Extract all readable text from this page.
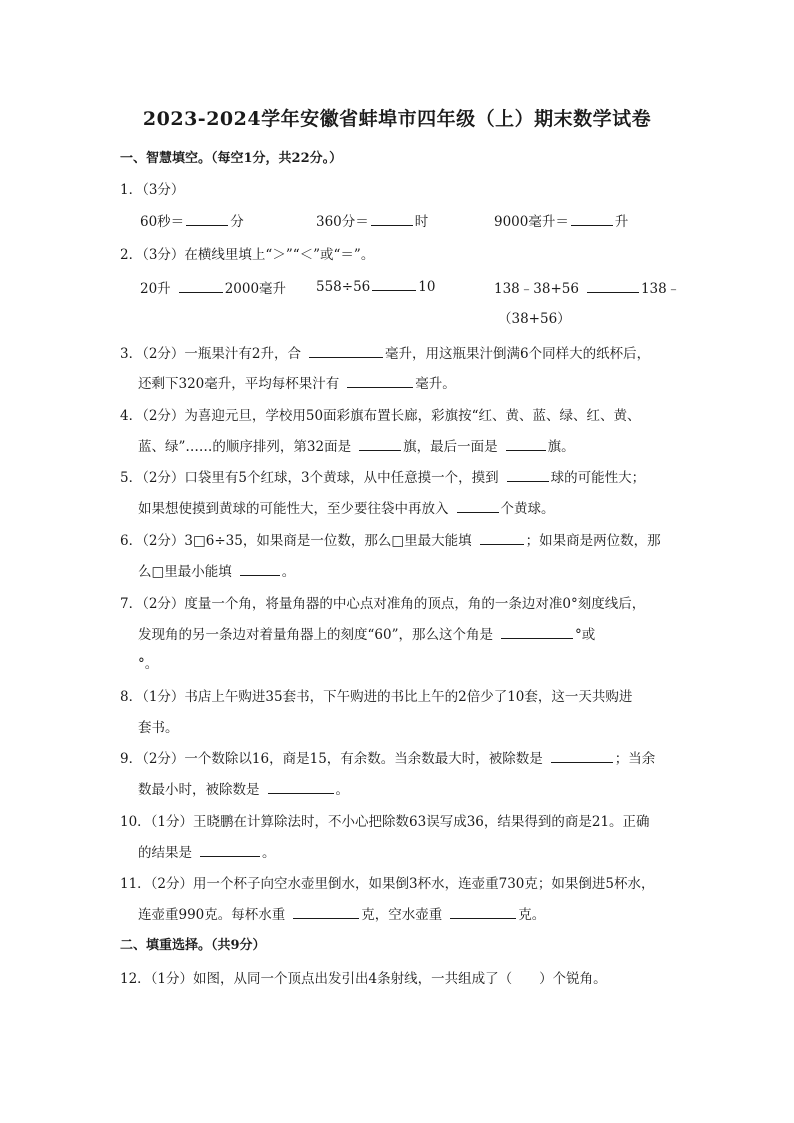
2023-2024学年安徽省蚌埠市四年级（上）期末数学试卷
一、智慧填空。（每空1分，共22分。）
1．（3分）
60秒＝	分	360分＝	时	9000毫升＝	升
2．（3分）在横线里填上“＞”“＜”或“＝”。
20升	2000毫升 558÷56	10	138﹣38+56	138﹣
（38+56）
3．（2分）一瓶果汁有2升，合	毫升，用这瓶果汁倒满6个同样大的纸杯后，
还剩下320毫升，平均每杯果汁有	毫升。
4．（2分）为喜迎元旦，学校用50面彩旗布置长廊，彩旗按“红、黄、蓝、绿、红、黄、
蓝、绿”……的顺序排列，第32面是	旗，最后一面是	旗。
5．（2分）口袋里有5个红球，3个黄球，从中任意摸一个，摸到	球的可能性大；
如果想使摸到黄球的可能性大，至少要往袋中再放入	个黄球。
6．（2分）3□6÷35，如果商是一位数，那么□里最大能填	；如果商是两位数，那
么□里最小能填	。
7．（2分）度量一个角，将量角器的中心点对准角的顶点，角的一条边对准0°刻度线后，
发现角的另一条边对着量角器上的刻度“60”，那么这个角是	°或
°。
8．（1分）书店上午购进35套书，下午购进的书比上午的2倍少了10套，这一天共购进
套书。
9．（2分）一个数除以16，商是15，有余数。当余数最大时，被除数是	；当余
数最小时，被除数是	。
10．（1分）王晓鹏在计算除法时，不小心把除数63误写成36，结果得到的商是21。正确
的结果是	。
11．（2分）用一个杯子向空水壶里倒水，如果倒3杯水，连壶重730克；如果倒进5杯水，
连壶重990克。每杯水重	克，空水壶重	克。
二、填重选择。（共9分）
12．（1分）如图，从同一个顶点出发引出4条射线，一共组成了（　　）个锐角。
